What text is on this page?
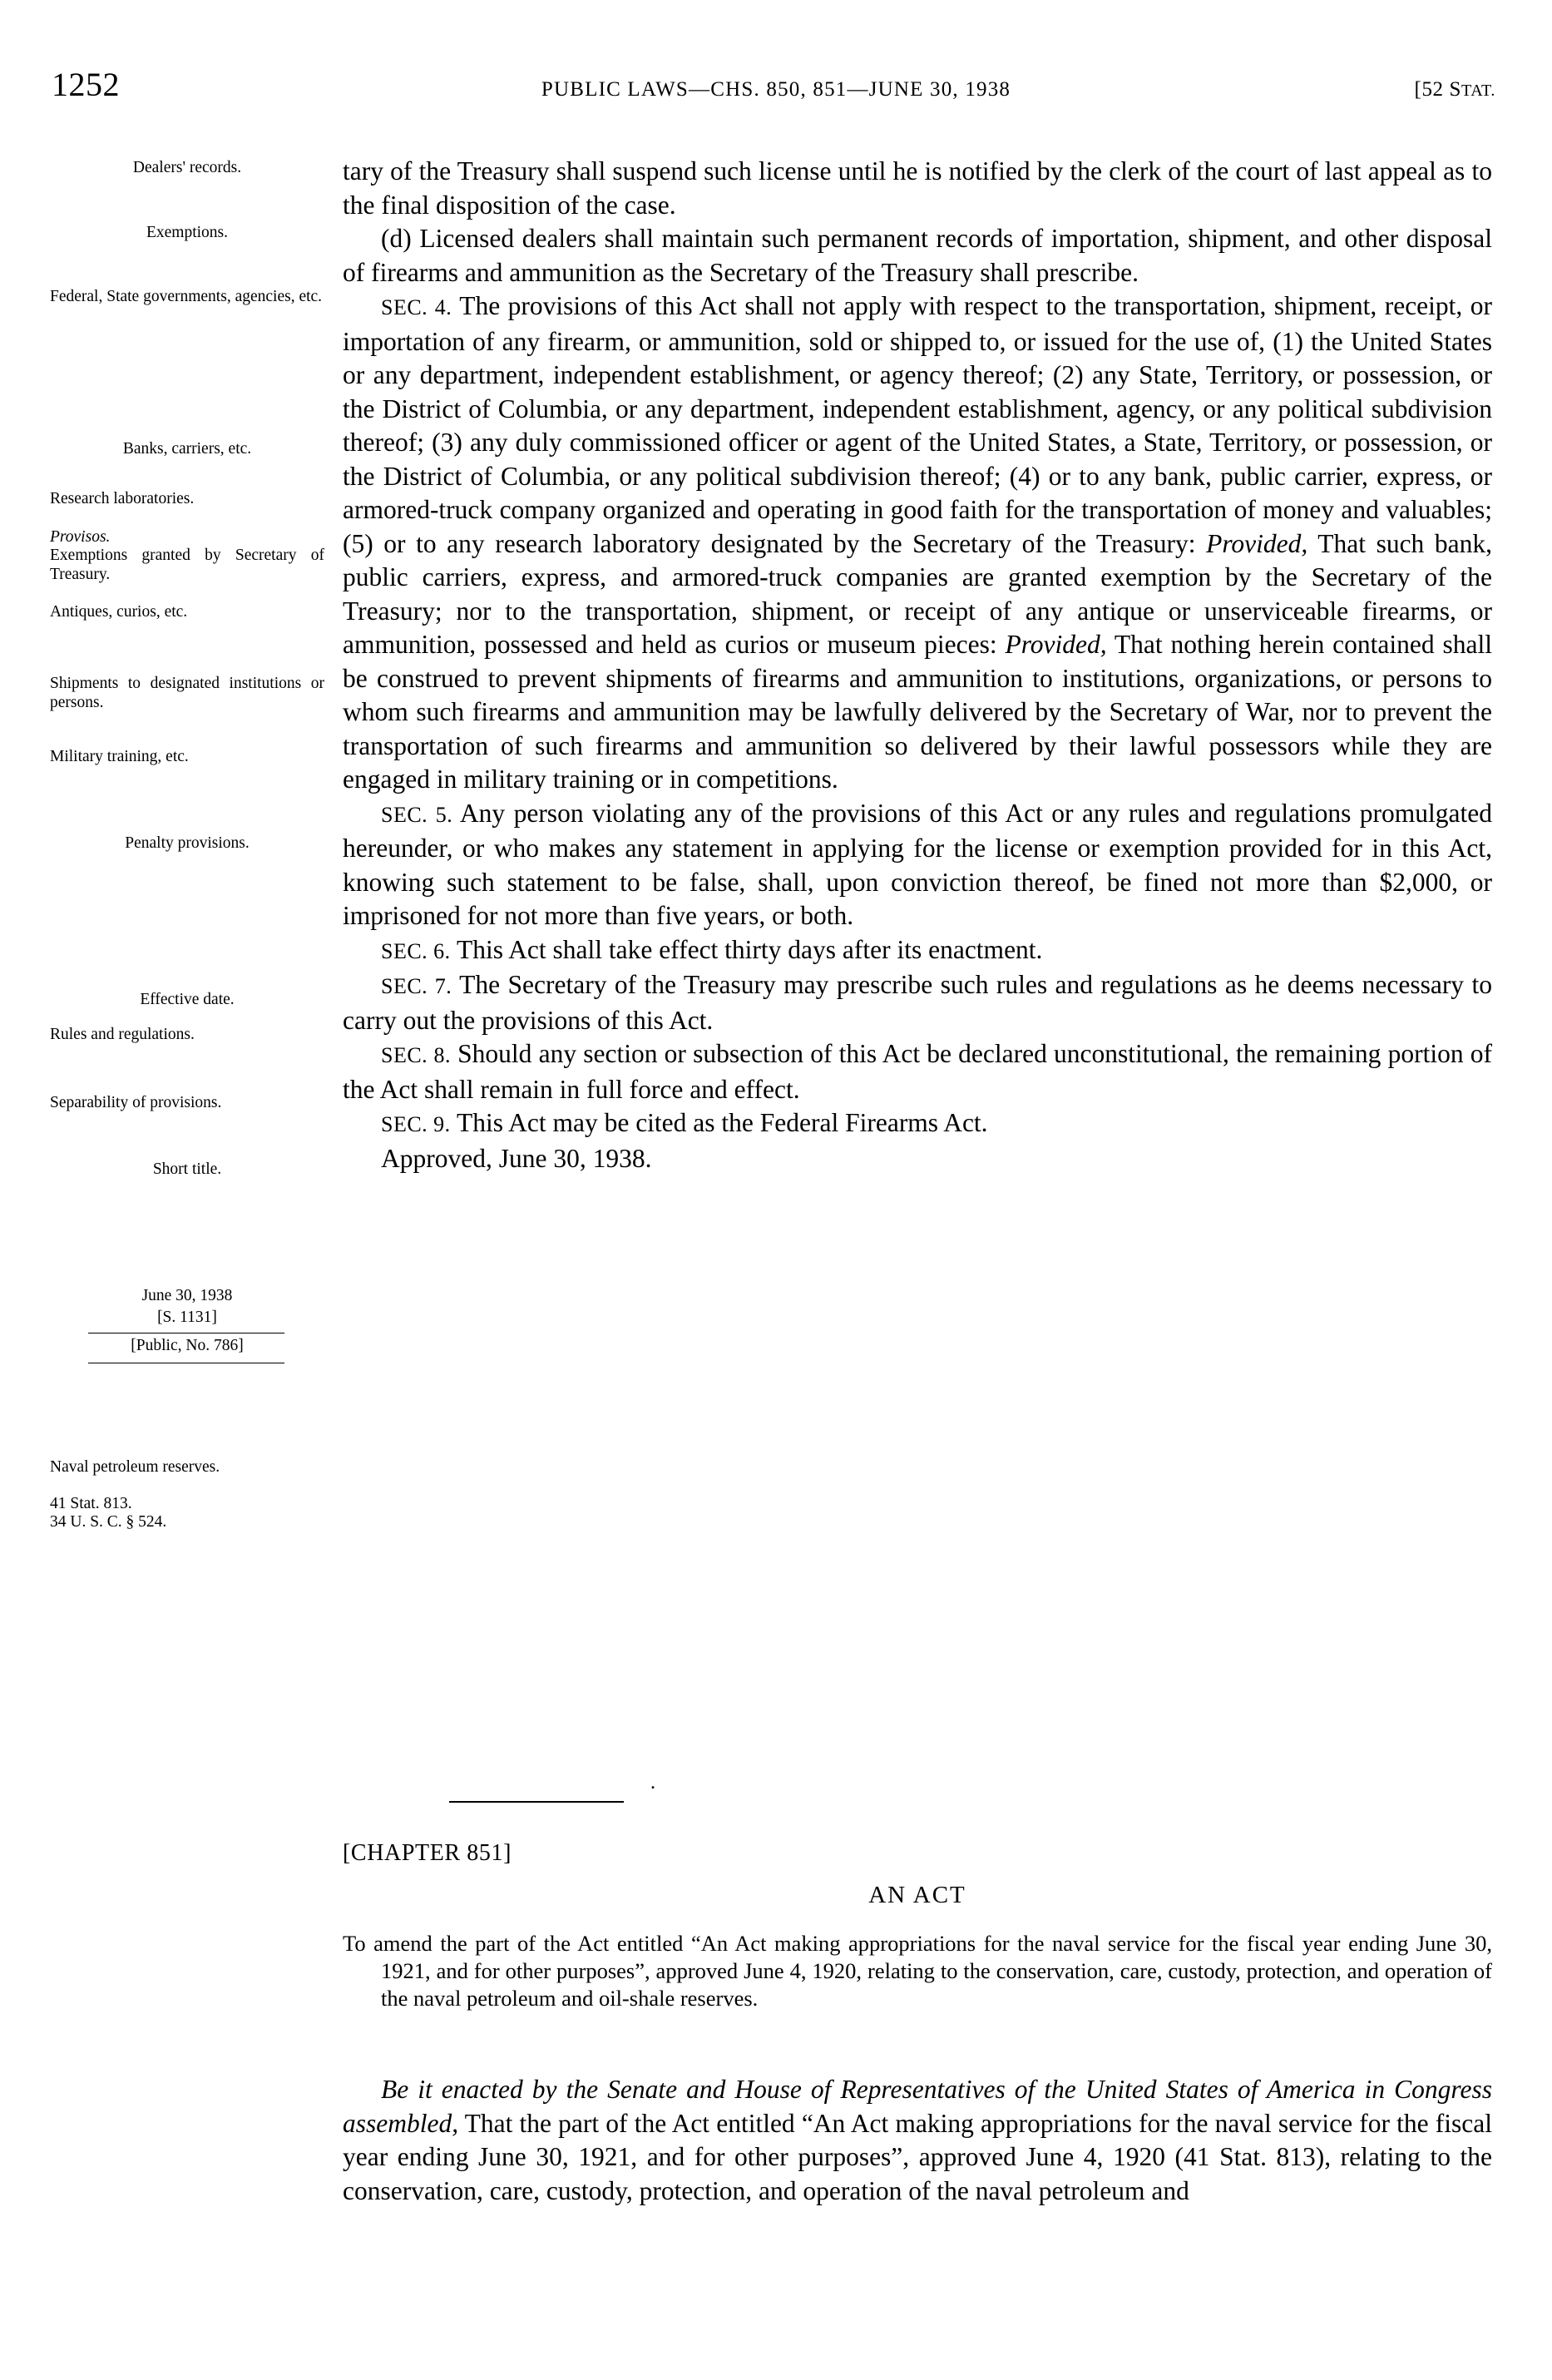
1252	PUBLIC LAWS—CHS. 850, 851—JUNE 30, 1938	[52 STAT.
Dealers' records.
Exemptions.
Federal, State governments, agencies, etc.
Banks, carriers, etc.
Research laboratories.
Provisos.
Exemptions granted by Secretary of Treasury.
Antiques, curios, etc.
Shipments to designated institutions or persons.
Military training, etc.
Penalty provisions.
Effective date.
Rules and regulations.
Separability of provisions.
Short title.
June 30, 1938
[S. 1131]
[Public, No. 786]
Naval petroleum reserves.
41 Stat. 813.
34 U. S. C. § 524.

tary of the Treasury shall suspend such license until he is notified by the clerk of the court of last appeal as to the final disposition of the case.

(d) Licensed dealers shall maintain such permanent records of importation, shipment, and other disposal of firearms and ammunition as the Secretary of the Treasury shall prescribe.

SEC. 4. The provisions of this Act shall not apply with respect to the transportation, shipment, receipt, or importation of any firearm, or ammunition, sold or shipped to, or issued for the use of, (1) the United States or any department, independent establishment, or agency thereof; (2) any State, Territory, or possession, or the District of Columbia, or any department, independent establishment, agency, or any political subdivision thereof; (3) any duly commissioned officer or agent of the United States, a State, Territory, or possession, or the District of Columbia, or any political subdivision thereof; (4) or to any bank, public carrier, express, or armored-truck company organized and operating in good faith for the transportation of money and valuables; (5) or to any research laboratory designated by the Secretary of the Treasury: Provided, That such bank, public carriers, express, and armored-truck companies are granted exemption by the Secretary of the Treasury; nor to the transportation, shipment, or receipt of any antique or unserviceable firearms, or ammunition, possessed and held as curios or museum pieces: Provided, That nothing herein contained shall be construed to prevent shipments of firearms and ammunition to institutions, organizations, or persons to whom such firearms and ammunition may be lawfully delivered by the Secretary of War, nor to prevent the transportation of such firearms and ammunition so delivered by their lawful possessors while they are engaged in military training or in competitions.

SEC. 5. Any person violating any of the provisions of this Act or any rules and regulations promulgated hereunder, or who makes any statement in applying for the license or exemption provided for in this Act, knowing such statement to be false, shall, upon conviction thereof, be fined not more than $2,000, or imprisoned for not more than five years, or both.

SEC. 6. This Act shall take effect thirty days after its enactment.

SEC. 7. The Secretary of the Treasury may prescribe such rules and regulations as he deems necessary to carry out the provisions of this Act.

SEC. 8. Should any section or subsection of this Act be declared unconstitutional, the remaining portion of the Act shall remain in full force and effect.

SEC. 9. This Act may be cited as the Federal Firearms Act.

Approved, June 30, 1938.

.
[CHAPTER 851]
AN ACT

To amend the part of the Act entitled “An Act making appropriations for the naval service for the fiscal year ending June 30, 1921, and for other purposes”, approved June 4, 1920, relating to the conservation, care, custody, protection, and operation of the naval petroleum and oil-shale reserves.

Be it enacted by the Senate and House of Representatives of the United States of America in Congress assembled, That the part of the Act entitled “An Act making appropriations for the naval service for the fiscal year ending June 30, 1921, and for other purposes”, approved June 4, 1920 (41 Stat. 813), relating to the conservation, care, custody, protection, and operation of the naval petroleum and
